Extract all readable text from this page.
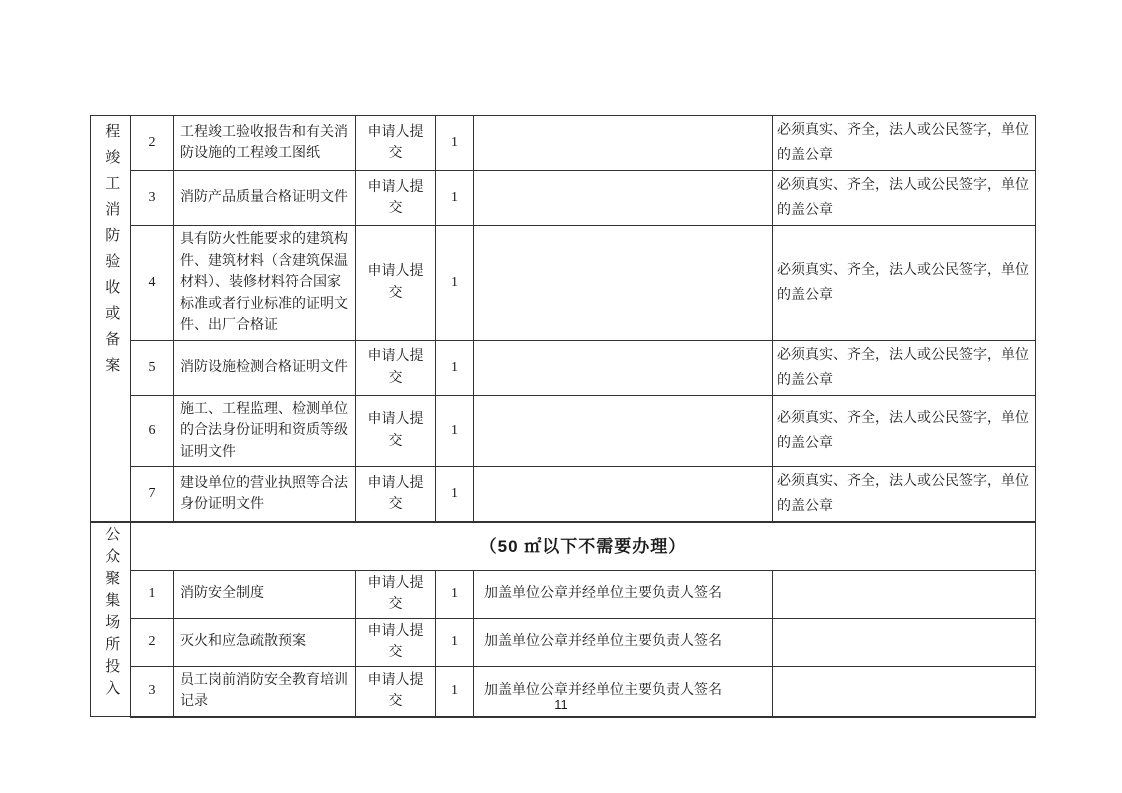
程竣工消防验收或备案	2	工程竣工验收报告和有关消防设施的工程竣工图纸	申请人提交	1		必须真实、齐全，法人或公民签字，单位的盖公章
	3	消防产品质量合格证明文件	申请人提交	1		必须真实、齐全，法人或公民签字，单位的盖公章
	4	具有防火性能要求的建筑构件、建筑材料（含建筑保温材料）、装修材料符合国家标准或者行业标准的证明文件、出厂合格证	申请人提交	1		必须真实、齐全，法人或公民签字，单位的盖公章
	5	消防设施检测合格证明文件	申请人提交	1		必须真实、齐全，法人或公民签字，单位的盖公章
	6	施工、工程监理、检测单位的合法身份证明和资质等级证明文件	申请人提交	1		必须真实、齐全，法人或公民签字，单位的盖公章
	7	建设单位的营业执照等合法身份证明文件	申请人提交	1		必须真实、齐全，法人或公民签字，单位的盖公章
公众聚集场所投入	（50 ㎡以下不需要办理）					
	1	消防安全制度	申请人提交	1	加盖单位公章并经单位主要负责人签名	
	2	灭火和应急疏散预案	申请人提交	1	加盖单位公章并经单位主要负责人签名	
	3	员工岗前消防安全教育培训记录	申请人提交	1	加盖单位公章并经单位主要负责人签名	
11
